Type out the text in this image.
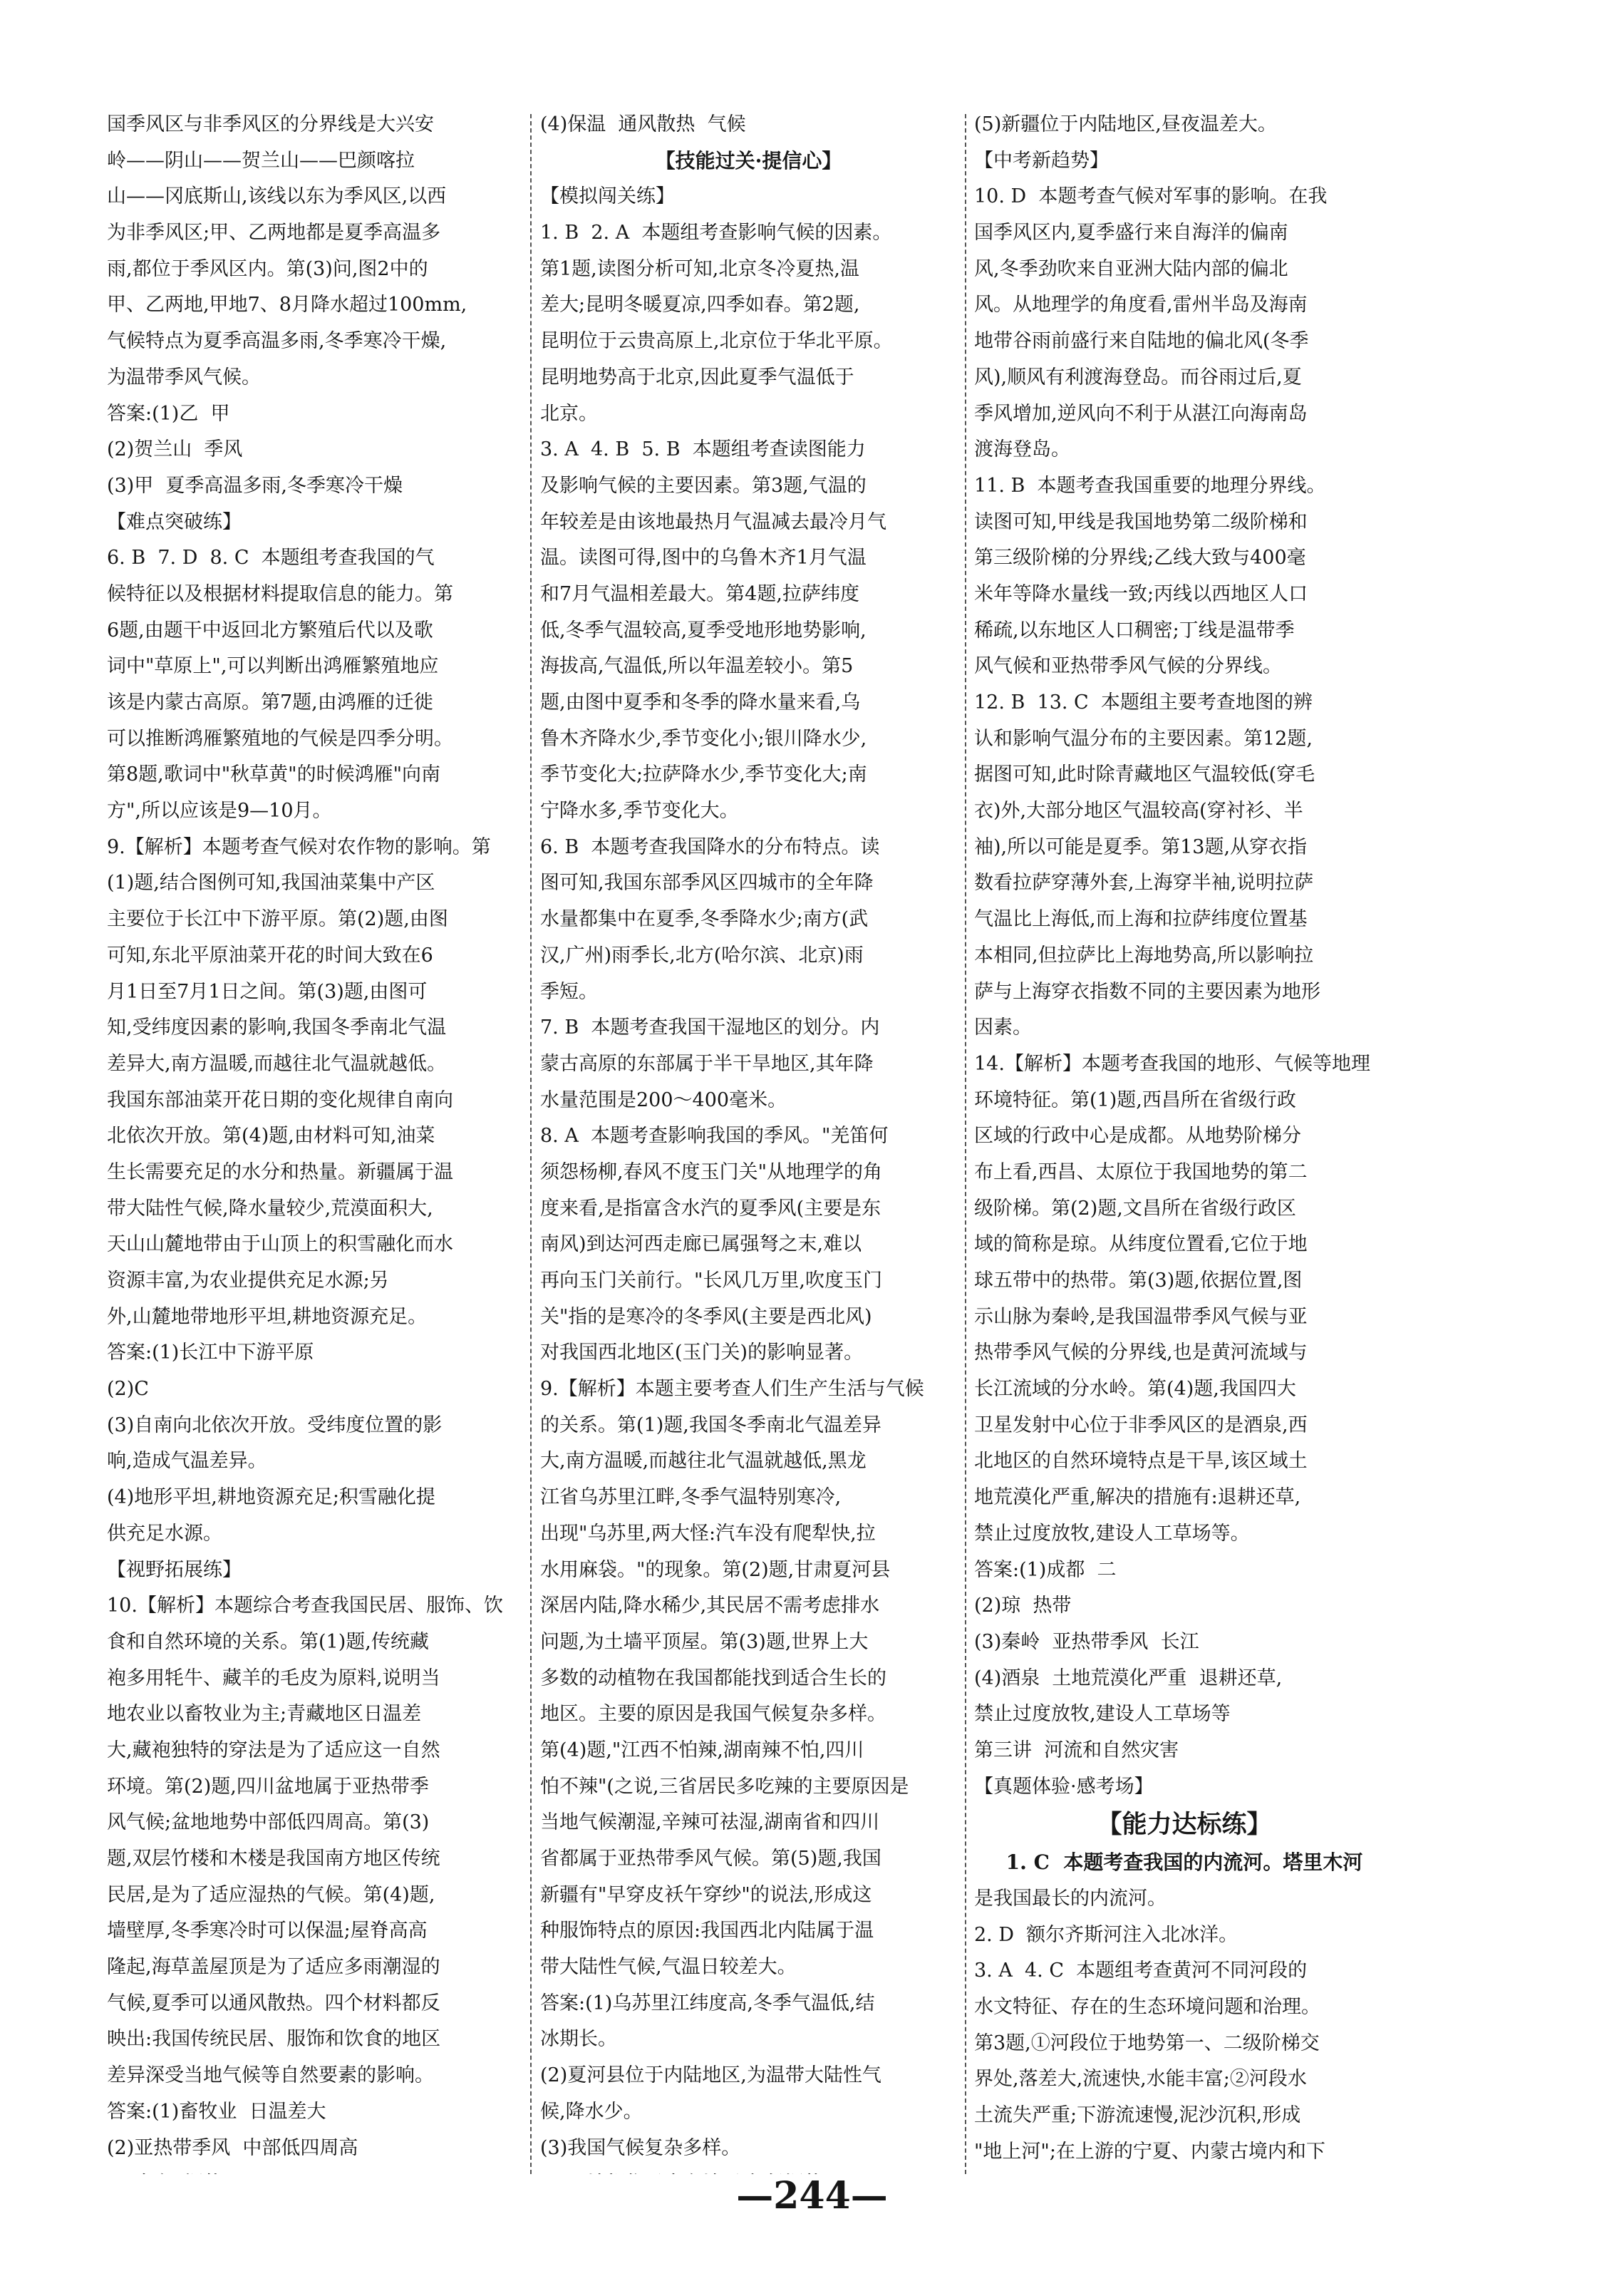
国季风区与非季风区的分界线是大兴安
岭——阴山——贺兰山——巴颜喀拉
山——冈底斯山,该线以东为季风区,以西
为非季风区;甲、乙两地都是夏季高温多
雨,都位于季风区内。第(3)问,图2中的
甲、乙两地,甲地7、8月降水超过100mm,
气候特点为夏季高温多雨,冬季寒冷干燥,
为温带季风气候。
答案:(1)乙  甲
(2)贺兰山  季风
(3)甲  夏季高温多雨,冬季寒冷干燥
【难点突破练】
6. B  7. D  8. C  本题组考查我国的气
候特征以及根据材料提取信息的能力。第
6题,由题干中返回北方繁殖后代以及歌
词中"草原上",可以判断出鸿雁繁殖地应
该是内蒙古高原。第7题,由鸿雁的迁徙
可以推断鸿雁繁殖地的气候是四季分明。
第8题,歌词中"秋草黄"的时候鸿雁"向南
方",所以应该是9—10月。
9.【解析】本题考查气候对农作物的影响。第
(1)题,结合图例可知,我国油菜集中产区
主要位于长江中下游平原。第(2)题,由图
可知,东北平原油菜开花的时间大致在6
月1日至7月1日之间。第(3)题,由图可
知,受纬度因素的影响,我国冬季南北气温
差异大,南方温暖,而越往北气温就越低。
我国东部油菜开花日期的变化规律自南向
北依次开放。第(4)题,由材料可知,油菜
生长需要充足的水分和热量。新疆属于温
带大陆性气候,降水量较少,荒漠面积大,
天山山麓地带由于山顶上的积雪融化而水
资源丰富,为农业提供充足水源;另
外,山麓地带地形平坦,耕地资源充足。
答案:(1)长江中下游平原
(2)C
(3)自南向北依次开放。受纬度位置的影
响,造成气温差异。
(4)地形平坦,耕地资源充足;积雪融化提
供充足水源。
【视野拓展练】
10.【解析】本题综合考查我国民居、服饰、饮
食和自然环境的关系。第(1)题,传统藏
袍多用牦牛、藏羊的毛皮为原料,说明当
地农业以畜牧业为主;青藏地区日温差
大,藏袍独特的穿法是为了适应这一自然
环境。第(2)题,四川盆地属于亚热带季
风气候;盆地地势中部低四周高。第(3)
题,双层竹楼和木楼是我国南方地区传统
民居,是为了适应湿热的气候。第(4)题,
墙壁厚,冬季寒冷时可以保温;屋脊高高
隆起,海草盖屋顶是为了适应多雨潮湿的
气候,夏季可以通风散热。四个材料都反
映出:我国传统民居、服饰和饮食的地区
差异深受当地气候等自然要素的影响。
答案:(1)畜牧业  日温差大
(2)亚热带季风  中部低四周高
(4)保温  通风散热  气候
【技能过关·提信心】
【模拟闯关练】
1. B  2. A  本题组考查影响气候的因素。
第1题,读图分析可知,北京冬冷夏热,温
差大;昆明冬暖夏凉,四季如春。第2题,
昆明位于云贵高原上,北京位于华北平原。
昆明地势高于北京,因此夏季气温低于
北京。
3. A  4. B  5. B  本题组考查读图能力
及影响气候的主要因素。第3题,气温的
年较差是由该地最热月气温减去最冷月气
温。读图可得,图中的乌鲁木齐1月气温
和7月气温相差最大。第4题,拉萨纬度
低,冬季气温较高,夏季受地形地势影响,
海拔高,气温低,所以年温差较小。第5
题,由图中夏季和冬季的降水量来看,乌
鲁木齐降水少,季节变化小;银川降水少,
季节变化大;拉萨降水少,季节变化大;南
宁降水多,季节变化大。
6. B  本题考查我国降水的分布特点。读
图可知,我国东部季风区四城市的全年降
水量都集中在夏季,冬季降水少;南方(武
汉,广州)雨季长,北方(哈尔滨、北京)雨
季短。
7. B  本题考查我国干湿地区的划分。内
蒙古高原的东部属于半干旱地区,其年降
水量范围是200～400毫米。
8. A  本题考查影响我国的季风。"羌笛何
须怨杨柳,春风不度玉门关"从地理学的角
度来看,是指富含水汽的夏季风(主要是东
南风)到达河西走廊已属强弩之末,难以
再向玉门关前行。"长风几万里,吹度玉门
关"指的是寒冷的冬季风(主要是西北风)
对我国西北地区(玉门关)的影响显著。
9.【解析】本题主要考查人们生产生活与气候
的关系。第(1)题,我国冬季南北气温差异
大,南方温暖,而越往北气温就越低,黑龙
江省乌苏里江畔,冬季气温特别寒冷,
出现"乌苏里,两大怪:汽车没有爬犁快,拉
水用麻袋。"的现象。第(2)题,甘肃夏河县
深居内陆,降水稀少,其民居不需考虑排水
问题,为土墙平顶屋。第(3)题,世界上大
多数的动植物在我国都能找到适合生长的
地区。主要的原因是我国气候复杂多样。
第(4)题,"江西不怕辣,湖南辣不怕,四川
怕不辣"(之说,三省居民多吃辣的主要原因是
当地气候潮湿,辛辣可祛湿,湖南省和四川
省都属于亚热带季风气候。第(5)题,我国
新疆有"早穿皮袄午穿纱"的说法,形成这
种服饰特点的原因:我国西北内陆属于温
带大陆性气候,气温日较差大。
答案:(1)乌苏里江纬度高,冬季气温低,结
冰期长。
(2)夏河县位于内陆地区,为温带大陆性气
候,降水少。
(3)我国气候复杂多样。
(5)新疆位于内陆地区,昼夜温差大。
【中考新趋势】
10. D  本题考查气候对军事的影响。在我
国季风区内,夏季盛行来自海洋的偏南
风,冬季劲吹来自亚洲大陆内部的偏北
风。从地理学的角度看,雷州半岛及海南
地带谷雨前盛行来自陆地的偏北风(冬季
风),顺风有利渡海登岛。而谷雨过后,夏
季风增加,逆风向不利于从湛江向海南岛
渡海登岛。
11. B  本题考查我国重要的地理分界线。
读图可知,甲线是我国地势第二级阶梯和
第三级阶梯的分界线;乙线大致与400毫
米年等降水量线一致;丙线以西地区人口
稀疏,以东地区人口稠密;丁线是温带季
风气候和亚热带季风气候的分界线。
12. B  13. C  本题组主要考查地图的辨
认和影响气温分布的主要因素。第12题,
据图可知,此时除青藏地区气温较低(穿毛
衣)外,大部分地区气温较高(穿衬衫、半
袖),所以可能是夏季。第13题,从穿衣指
数看拉萨穿薄外套,上海穿半袖,说明拉萨
气温比上海低,而上海和拉萨纬度位置基
本相同,但拉萨比上海地势高,所以影响拉
萨与上海穿衣指数不同的主要因素为地形
因素。
14.【解析】本题考查我国的地形、气候等地理
环境特征。第(1)题,西昌所在省级行政
区域的行政中心是成都。从地势阶梯分
布上看,西昌、太原位于我国地势的第二
级阶梯。第(2)题,文昌所在省级行政区
域的简称是琼。从纬度位置看,它位于地
球五带中的热带。第(3)题,依据位置,图
示山脉为秦岭,是我国温带季风气候与亚
热带季风气候的分界线,也是黄河流域与
长江流域的分水岭。第(4)题,我国四大
卫星发射中心位于非季风区的是酒泉,西
北地区的自然环境特点是干旱,该区域土
地荒漠化严重,解决的措施有:退耕还草,
禁止过度放牧,建设人工草场等。
答案:(1)成都  二
(2)琼  热带
(3)秦岭  亚热带季风  长江
(4)酒泉  土地荒漠化严重  退耕还草,
禁止过度放牧,建设人工草场等
第三讲  河流和自然灾害
【真题体验·感考场】
【能力达标练】
1. C  本题考查我国的内流河。塔里木河
是我国最长的内流河。
2. D  额尔齐斯河注入北冰洋。
3. A  4. C  本题组考查黄河不同河段的
水文特征、存在的生态环境问题和治理。
第3题,①河段位于地势第一、二级阶梯交
界处,落差大,流速快,水能丰富;②河段水
土流失严重;下游流速慢,泥沙沉积,形成
"地上河";在上游的宁夏、内蒙古境内和下
—244—
